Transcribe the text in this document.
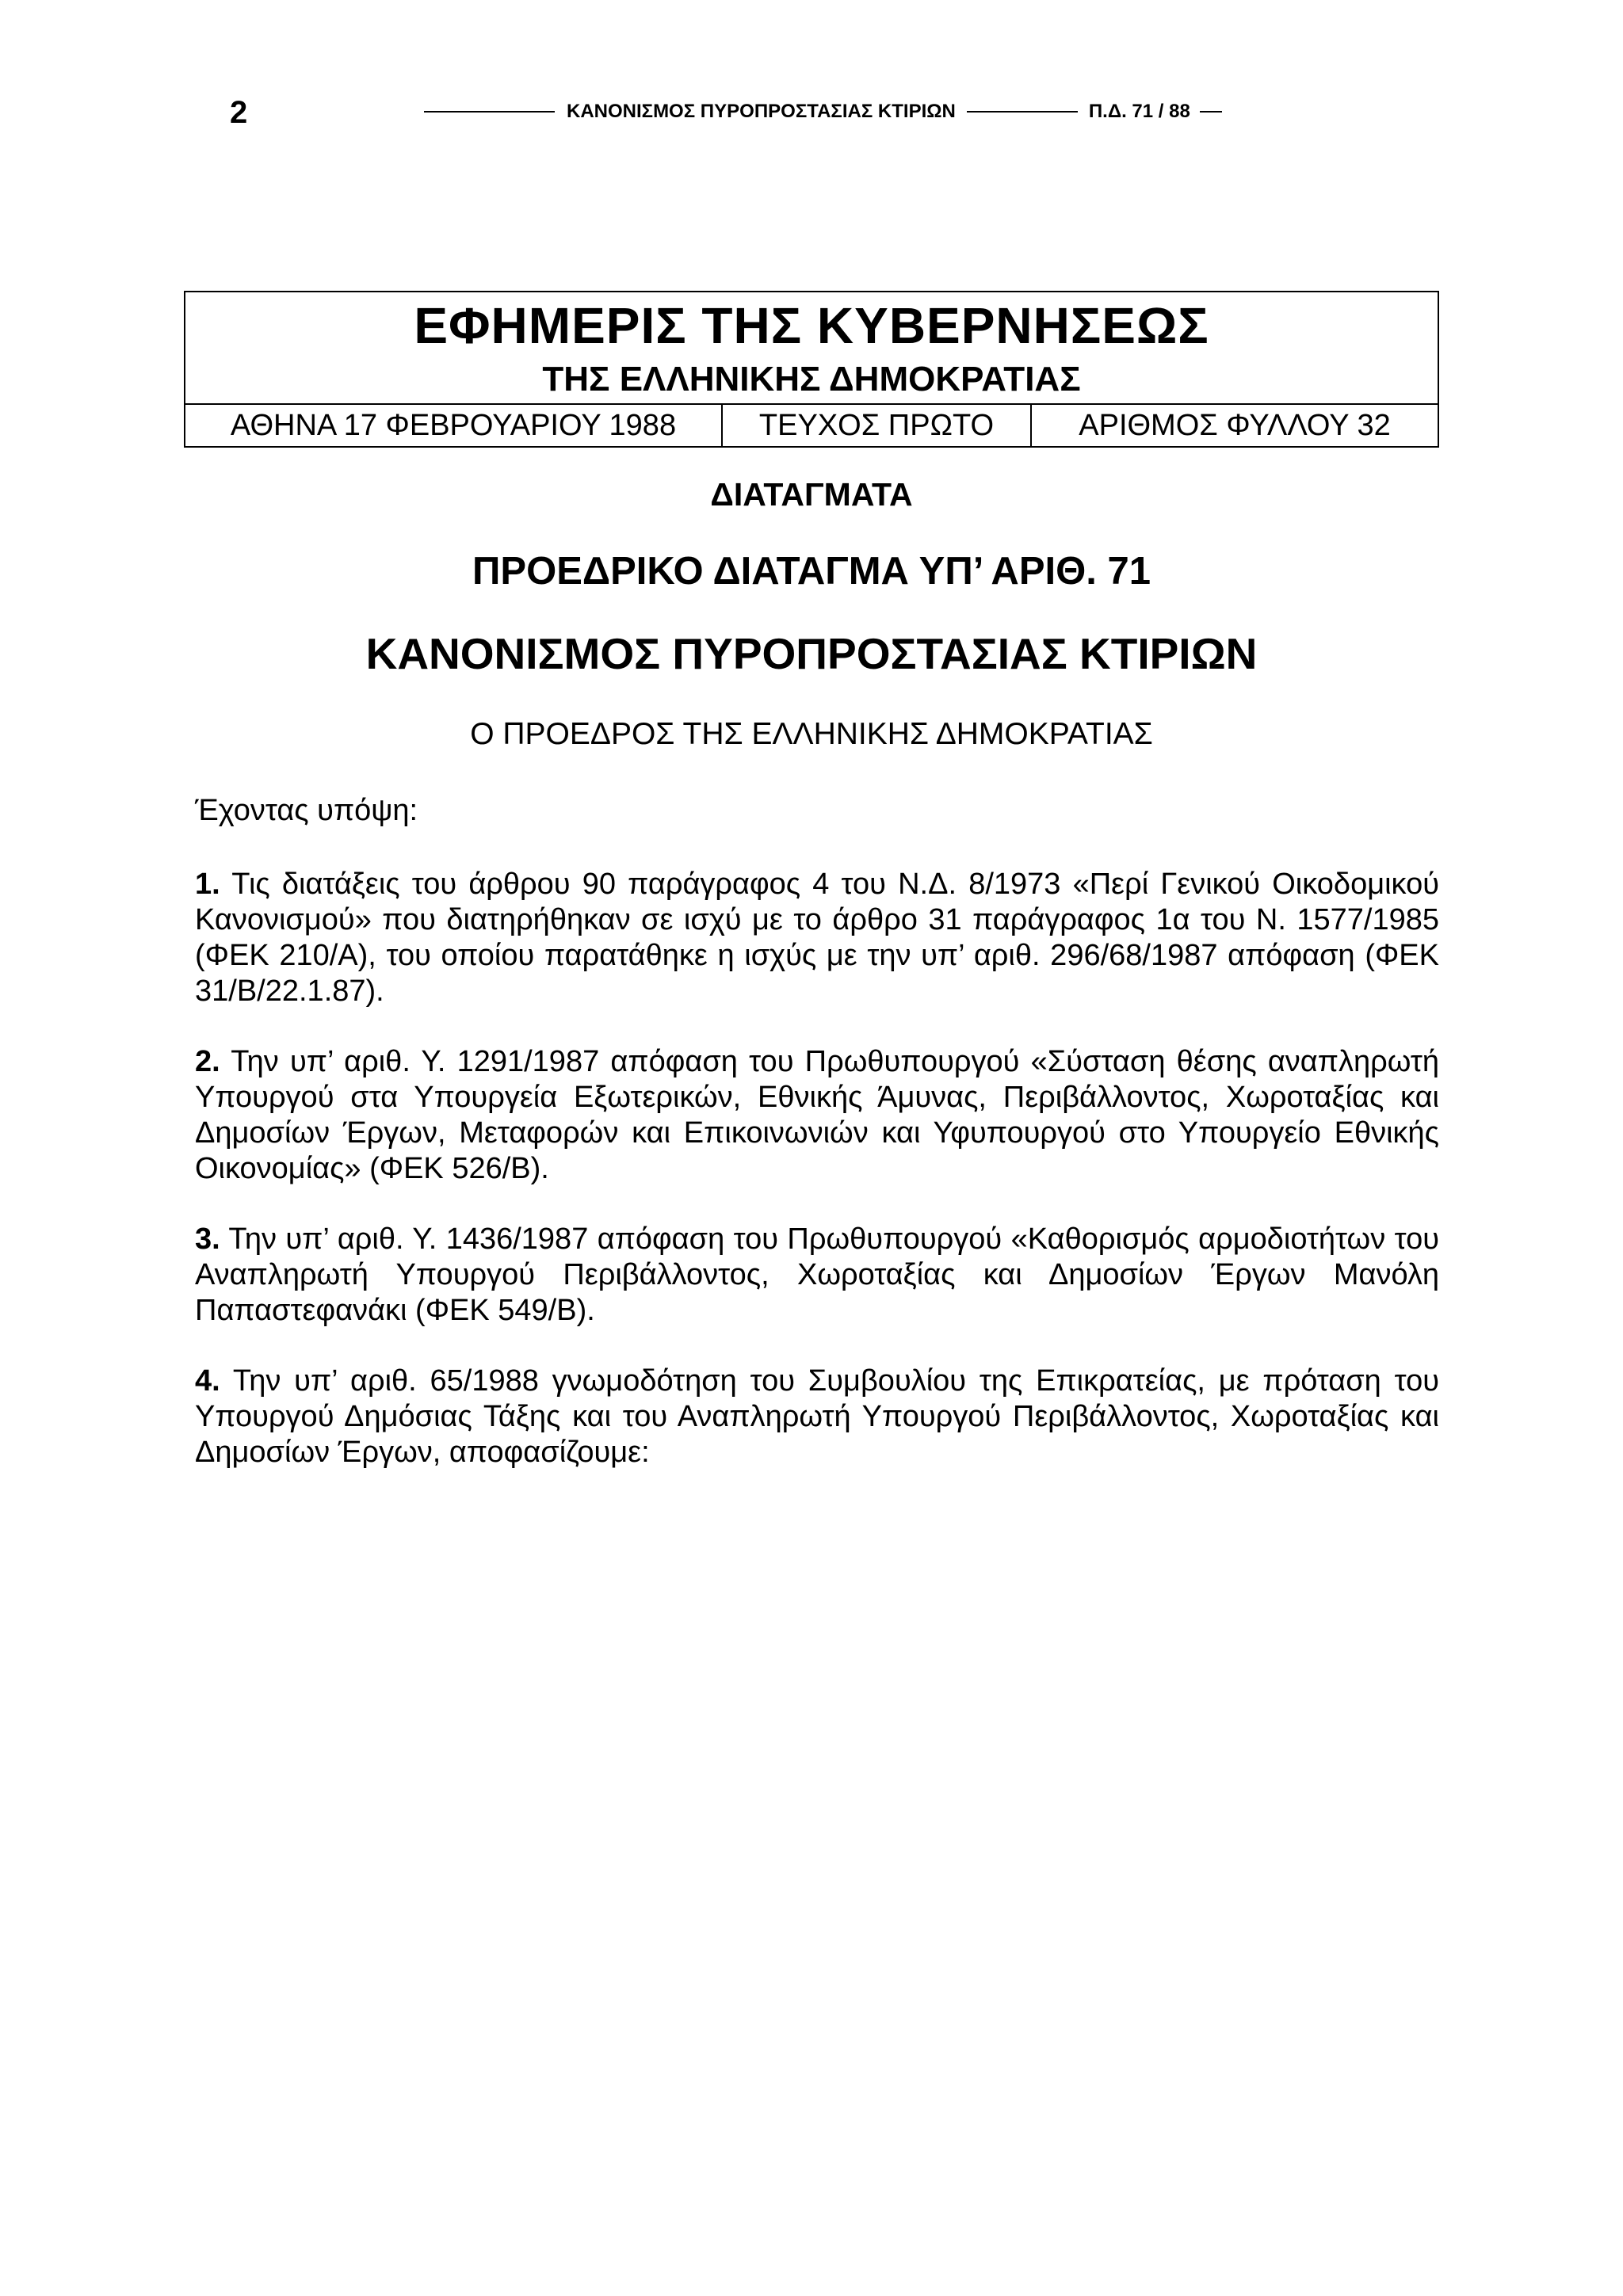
2	ΚΑΝΟΝΙΣΜΟΣ ΠΥΡΟΠΡΟΣΤΑΣΙΑΣ ΚΤΙΡΙΩΝ	Π.Δ. 71 / 88
ΕΦΗΜΕΡΙΣ ΤΗΣ ΚΥΒΕΡΝΗΣΕΩΣ
ΤΗΣ ΕΛΛΗΝΙΚΗΣ ΔΗΜΟΚΡΑΤΙΑΣ
ΑΘΗΝΑ 17 ΦΕΒΡΟΥΑΡΙΟΥ 1988	ΤΕΥΧΟΣ ΠΡΩΤΟ	ΑΡΙΘΜΟΣ ΦΥΛΛΟΥ 32
ΔΙΑΤΑΓΜΑΤΑ
ΠΡΟΕΔΡΙΚΟ ΔΙΑΤΑΓΜΑ ΥΠ’ ΑΡΙΘ. 71
ΚΑΝΟΝΙΣΜΟΣ ΠΥΡΟΠΡΟΣΤΑΣΙΑΣ ΚΤΙΡΙΩΝ
Ο ΠΡΟΕΔΡΟΣ ΤΗΣ ΕΛΛΗΝΙΚΗΣ ΔΗΜΟΚΡΑΤΙΑΣ
Έχοντας υπόψη:

1. Τις διατάξεις του άρθρου 90 παράγραφος 4 του Ν.Δ. 8/1973 «Περί Γενικού Οικοδομικού Κανονισμού» που διατηρήθηκαν σε ισχύ με το άρθρο 31 παράγραφος 1α του Ν. 1577/1985 (ΦΕΚ 210/Α), του οποίου παρατάθηκε η ισχύς με την υπ’ αριθ. 296/68/1987 απόφαση (ΦΕΚ 31/Β/22.1.87).

2. Την υπ’ αριθ. Υ. 1291/1987 απόφαση του Πρωθυπουργού «Σύσταση θέσης αναπληρωτή Υπουργού στα Υπουργεία Εξωτερικών, Εθνικής Άμυνας, Περιβάλλοντος, Χωροταξίας και Δημοσίων Έργων, Μεταφορών και Επικοινωνιών και Υφυπουργού στο Υπουργείο Εθνικής Οικονομίας» (ΦΕΚ 526/Β).

3. Την υπ’ αριθ. Υ. 1436/1987 απόφαση του Πρωθυπουργού «Καθορισμός αρμοδιοτήτων του Αναπληρωτή Υπουργού Περιβάλλοντος, Χωροταξίας και Δημοσίων Έργων Μανόλη Παπαστεφανάκι (ΦΕΚ 549/Β).

4. Την υπ’ αριθ. 65/1988 γνωμοδότηση του Συμβουλίου της Επικρατείας, με πρόταση του Υπουργού Δημόσιας Τάξης και του Αναπληρωτή Υπουργού Περιβάλλοντος, Χωροταξίας και Δημοσίων Έργων, αποφασίζουμε:
